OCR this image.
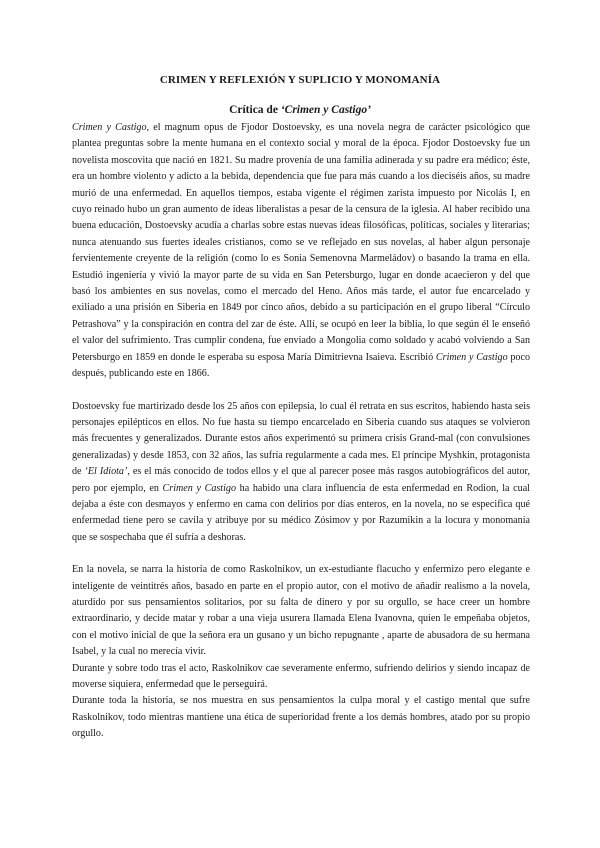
CRIMEN Y REFLEXIÓN Y SUPLICIO Y MONOMANÍA
Crítica de ‘Crimen y Castigo’

Crimen y Castigo, el magnum opus de Fjodor Dostoevsky, es una novela negra de carácter psicológico que plantea preguntas sobre la mente humana en el contexto social y moral de la época. Fjodor Dostoevsky fue un novelista moscovita que nació en 1821. Su madre provenía de una familia adinerada y su padre era médico; éste, era un hombre violento y adicto a la bebida, dependencia que fue para más cuando a los dieciséis años, su madre murió de una enfermedad. En aquellos tiempos, estaba vigente el régimen zarista impuesto por Nicolás I, en cuyo reinado hubo un gran aumento de ideas liberalistas a pesar de la censura de la iglesia. Al haber recibido una buena educación, Dostoevsky acudía a charlas sobre estas nuevas ideas filosóficas, políticas, sociales y literarias; nunca atenuando sus fuertes ideales cristianos, como se ve reflejado en sus novelas, al haber algun personaje fervientemente creyente de la religión (como lo es Sonia Semenovna Marmeládov) o basando la trama en ella. Estudió ingeniería y vivió la mayor parte de su vida en San Petersburgo, lugar en donde acaecieron y del que basó los ambientes en sus novelas, como el mercado del Heno. Años más tarde, el autor fue encarcelado y exiliado a una prisión en Siberia en 1849 por cinco años, debido a su participación en el grupo liberal “Círculo Petrashova” y la conspiración en contra del zar de éste. Allí, se ocupó en leer la biblia, lo que según él le enseñó el valor del sufrimiento. Tras cumplir condena, fue enviado a Mongolia como soldado y acabó volviendo a San Petersburgo en 1859 en donde le esperaba su esposa María Dimitrievna Isaieva. Escribió Crimen y Castigo poco después, publicando este en 1866.

Dostoevsky fue martirizado desde los 25 años con epilepsia, lo cual él retrata en sus escritos, habiendo hasta seis personajes epilépticos en ellos. No fue hasta su tiempo encarcelado en Siberia cuando sus ataques se volvieron más frecuentes y generalizados. Durante estos años experimentó su primera crisis Grand-mal (con convulsiones generalizadas) y desde 1853, con 32 años, las sufría regularmente a cada mes. El príncipe Myshkin, protagonista de ‘El Idiota’, es el más conocido de todos ellos y el que al parecer posee más rasgos autobiográficos del autor, pero por ejemplo, en Crimen y Castigo ha habido una clara influencia de esta enfermedad en Rodion, la cual dejaba a éste con desmayos y enfermo en cama con delirios por días enteros, en la novela, no se especifica qué enfermedad tiene pero se cavila y atribuye por su médico Zósimov y por Razumikin a la locura y monomanía que se sospechaba que él sufría a deshoras.

En la novela, se narra la historia de como Raskolnikov, un ex-estudiante flacucho y enfermizo pero elegante e inteligente de veintitrés años, basado en parte en el propio autor, con el motivo de añadir realismo a la novela, aturdido por sus pensamientos solitarios, por su falta de dinero y por su orgullo, se hace creer un hombre extraordinario, y decide matar y robar a una vieja usurera llamada Elena Ivanovna, quien le empeñaba objetos, con el motivo inicial de que la señora era un gusano y un bicho repugnante , aparte de abusadora de su hermana Isabel, y la cual no merecía vivir.

Durante y sobre todo tras el acto, Raskolnikov cae severamente enfermo, sufriendo delirios y siendo incapaz de moverse siquiera, enfermedad que le perseguirá.

Durante toda la historia, se nos muestra en sus pensamientos la culpa moral y el castigo mental que sufre Raskolnikov, todo mientras mantiene una ética de superioridad frente a los demás hombres, atado por su propio orgullo.
